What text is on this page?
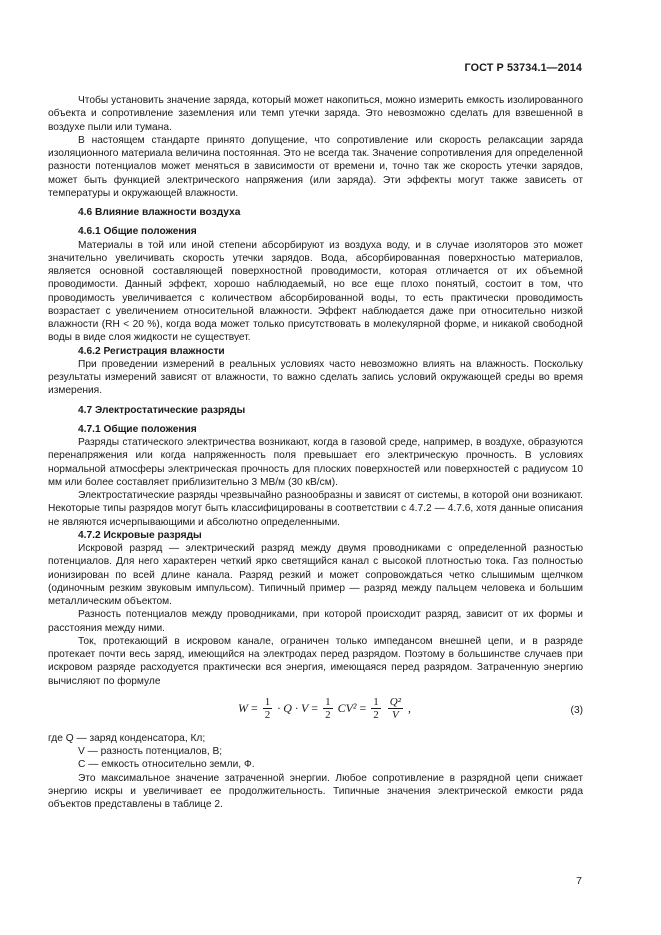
ГОСТ Р 53734.1—2014

Чтобы установить значение заряда, который может накопиться, можно измерить емкость изолированного объекта и сопротивление заземления или темп утечки заряда. Это невозможно сделать для взвешенной в воздухе пыли или тумана.

В настоящем стандарте принято допущение, что сопротивление или скорость релаксации заряда изоляционного материала величина постоянная. Это не всегда так. Значение сопротивления для определенной разности потенциалов может меняться в зависимости от времени и, точно так же скорость утечки зарядов, может быть функцией электрического напряжения (или заряда). Эти эффекты могут также зависеть от температуры и окружающей влажности.

4.6 Влияние влажности воздуха

4.6.1 Общие положения

Материалы в той или иной степени абсорбируют из воздуха воду, и в случае изоляторов это может значительно увеличивать скорость утечки зарядов. Вода, абсорбированная поверхностью материалов, является основной составляющей поверхностной проводимости, которая отличается от их объемной проводимости. Данный эффект, хорошо наблюдаемый, но все еще плохо понятый, состоит в том, что проводимость увеличивается с количеством абсорбированной воды, то есть практически проводимость возрастает с увеличением относительной влажности. Эффект наблюдается даже при относительно низкой влажности (RH < 20 %), когда вода может только присутствовать в молекулярной форме, и никакой свободной воды в виде слоя жидкости не существует.

4.6.2 Регистрация влажности

При проведении измерений в реальных условиях часто невозможно влиять на влажность. Поскольку результаты измерений зависят от влажности, то важно сделать запись условий окружающей среды во время измерения.

4.7 Электростатические разряды

4.7.1 Общие положения

Разряды статического электричества возникают, когда в газовой среде, например, в воздухе, образуются перенапряжения или когда напряженность поля превышает его электрическую прочность. В условиях нормальной атмосферы электрическая прочность для плоских поверхностей или поверхностей с радиусом 10 мм или более составляет приблизительно 3 МВ/м (30 кВ/см).

Электростатические разряды чрезвычайно разнообразны и зависят от системы, в которой они возникают. Некоторые типы разрядов могут быть классифицированы в соответствии с 4.7.2 — 4.7.6, хотя данные описания не являются исчерпывающими и абсолютно определенными.

4.7.2 Искровые разряды

Искровой разряд — электрический разряд между двумя проводниками с определенной разностью потенциалов. Для него характерен четкий ярко светящийся канал с высокой плотностью тока. Газ полностью ионизирован по всей длине канала. Разряд резкий и может сопровождаться четко слышимым щелчком (одиночным резким звуковым импульсом). Типичный пример — разряд между пальцем человека и большим металлическим объектом.

Разность потенциалов между проводниками, при которой происходит разряд, зависит от их формы и расстояния между ними.

Ток, протекающий в искровом канале, ограничен только импедансом внешней цепи, и в разряде протекает почти весь заряд, имеющийся на электродах перед разрядом. Поэтому в большинстве случаев при искровом разряде расходуется практически вся энергия, имеющаяся перед разрядом. Затраченную энергию вычисляют по формуле

$W = \frac{1}{2} \cdot Q \cdot V = \frac{1}{2} CV^2 = \frac{1}{2} \frac{\text{Q²}}{V}$ ,	(3)

где Q — заряд конденсатора, Кл;

V — разность потенциалов, В;

C — емкость относительно земли, Ф.

Это максимальное значение затраченной энергии. Любое сопротивление в разрядной цепи снижает энергию искры и увеличивает ее продолжительность. Типичные значения электрической емкости ряда объектов представлены в таблице 2.

7
